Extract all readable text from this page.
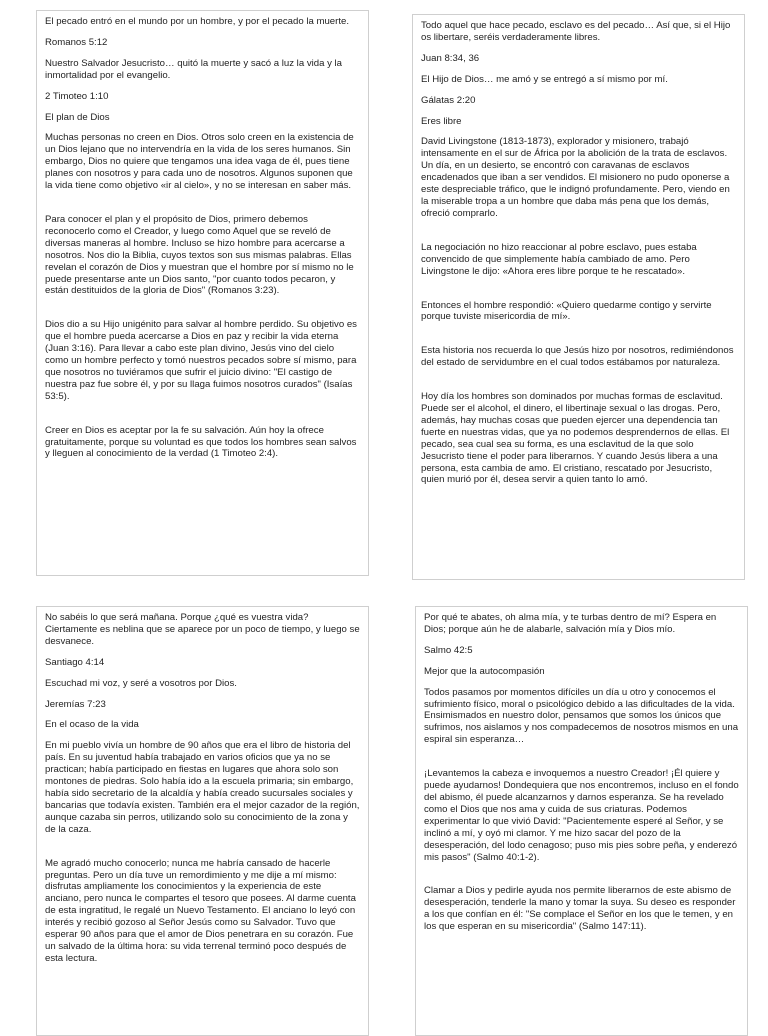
El pecado entró en el mundo por un hombre, y por el pecado la muerte.

Romanos 5:12

Nuestro Salvador Jesucristo… quitó la muerte y sacó a luz la vida y la inmortalidad por el evangelio.

2 Timoteo 1:10

El plan de Dios

Muchas personas no creen en Dios. Otros solo creen en la existencia de un Dios lejano que no intervendría en la vida de los seres humanos. Sin embargo, Dios no quiere que tengamos una idea vaga de él, pues tiene planes con nosotros y para cada uno de nosotros. Algunos suponen que la vida tiene como objetivo «ir al cielo», y no se interesan en saber más.

Para conocer el plan y el propósito de Dios, primero debemos reconocerlo como el Creador, y luego como Aquel que se reveló de diversas maneras al hombre. Incluso se hizo hombre para acercarse a nosotros. Nos dio la Biblia, cuyos textos son sus mismas palabras. Ellas revelan el corazón de Dios y muestran que el hombre por sí mismo no le puede presentarse ante un Dios santo, "por cuanto todos pecaron, y están destituidos de la gloria de Dios" (Romanos 3:23).

Dios dio a su Hijo unigénito para salvar al hombre perdido. Su objetivo es que el hombre pueda acercarse a Dios en paz y recibir la vida eterna (Juan 3:16). Para llevar a cabo este plan divino, Jesús vino del cielo como un hombre perfecto y tomó nuestros pecados sobre sí mismo, para que nosotros no tuviéramos que sufrir el juicio divino: "El castigo de nuestra paz fue sobre él, y por su llaga fuimos nosotros curados" (Isaías 53:5).

Creer en Dios es aceptar por la fe su salvación. Aún hoy la ofrece gratuitamente, porque su voluntad es que todos los hombres sean salvos y lleguen al conocimiento de la verdad (1 Timoteo 2:4).

Todo aquel que hace pecado, esclavo es del pecado… Así que, si el Hijo os libertare, seréis verdaderamente libres.

Juan 8:34, 36

El Hijo de Dios… me amó y se entregó a sí mismo por mí.

Gálatas 2:20

Eres libre

David Livingstone (1813-1873), explorador y misionero, trabajó intensamente en el sur de África por la abolición de la trata de esclavos. Un día, en un desierto, se encontró con caravanas de esclavos encadenados que iban a ser vendidos. El misionero no pudo oponerse a este despreciable tráfico, que le indignó profundamente. Pero, viendo en la miserable tropa a un hombre que daba más pena que los demás, ofreció comprarlo.

La negociación no hizo reaccionar al pobre esclavo, pues estaba convencido de que simplemente había cambiado de amo. Pero Livingstone le dijo: «Ahora eres libre porque te he rescatado».

Entonces el hombre respondió: «Quiero quedarme contigo y servirte porque tuviste misericordia de mí».

Esta historia nos recuerda lo que Jesús hizo por nosotros, redimiéndonos del estado de servidumbre en el cual todos estábamos por naturaleza.

Hoy día los hombres son dominados por muchas formas de esclavitud. Puede ser el alcohol, el dinero, el libertinaje sexual o las drogas. Pero, además, hay muchas cosas que pueden ejercer una dependencia tan fuerte en nuestras vidas, que ya no podemos desprendernos de ellas. El pecado, sea cual sea su forma, es una esclavitud de la que solo Jesucristo tiene el poder para liberarnos. Y cuando Jesús libera a una persona, esta cambia de amo. El cristiano, rescatado por Jesucristo, quien murió por él, desea servir a quien tanto lo amó.

No sabéis lo que será mañana. Porque ¿qué es vuestra vida? Ciertamente es neblina que se aparece por un poco de tiempo, y luego se desvanece.

Santiago 4:14

Escuchad mi voz, y seré a vosotros por Dios.

Jeremías 7:23

En el ocaso de la vida

En mi pueblo vivía un hombre de 90 años que era el libro de historia del país. En su juventud había trabajado en varios oficios que ya no se practican; había participado en fiestas en lugares que ahora solo son montones de piedras. Solo había ido a la escuela primaria; sin embargo, había sido secretario de la alcaldía y había creado sucursales sociales y bancarias que todavía existen. También era el mejor cazador de la región, aunque cazaba sin perros, utilizando solo su conocimiento de la zona y de la caza.

Me agradó mucho conocerlo; nunca me habría cansado de hacerle preguntas. Pero un día tuve un remordimiento y me dije a mí mismo: disfrutas ampliamente los conocimientos y la experiencia de este anciano, pero nunca le compartes el tesoro que posees. Al darme cuenta de esta ingratitud, le regalé un Nuevo Testamento. El anciano lo leyó con interés y recibió gozoso al Señor Jesús como su Salvador. Tuvo que esperar 90 años para que el amor de Dios penetrara en su corazón. Fue un salvado de la última hora: su vida terrenal terminó poco después de esta lectura.

Por qué te abates, oh alma mía, y te turbas dentro de mí? Espera en Dios; porque aún he de alabarle, salvación mía y Dios mío.

Salmo 42:5

Mejor que la autocompasión

Todos pasamos por momentos difíciles un día u otro y conocemos el sufrimiento físico, moral o psicológico debido a las dificultades de la vida. Ensimismados en nuestro dolor, pensamos que somos los únicos que sufrimos, nos aislamos y nos compadecemos de nosotros mismos en una espiral sin esperanza…

¡Levantemos la cabeza e invoquemos a nuestro Creador! ¡Él quiere y puede ayudarnos! Dondequiera que nos encontremos, incluso en el fondo del abismo, él puede alcanzarnos y darnos esperanza. Se ha revelado como el Dios que nos ama y cuida de sus criaturas. Podemos experimentar lo que vivió David: "Pacientemente esperé al Señor, y se inclinó a mí, y oyó mi clamor. Y me hizo sacar del pozo de la desesperación, del lodo cenagoso; puso mis pies sobre peña, y enderezó mis pasos" (Salmo 40:1-2).

Clamar a Dios y pedirle ayuda nos permite liberarnos de este abismo de desesperación, tenderle la mano y tomar la suya. Su deseo es responder a los que confían en él: "Se complace el Señor en los que le temen, y en los que esperan en su misericordia" (Salmo 147:11).
